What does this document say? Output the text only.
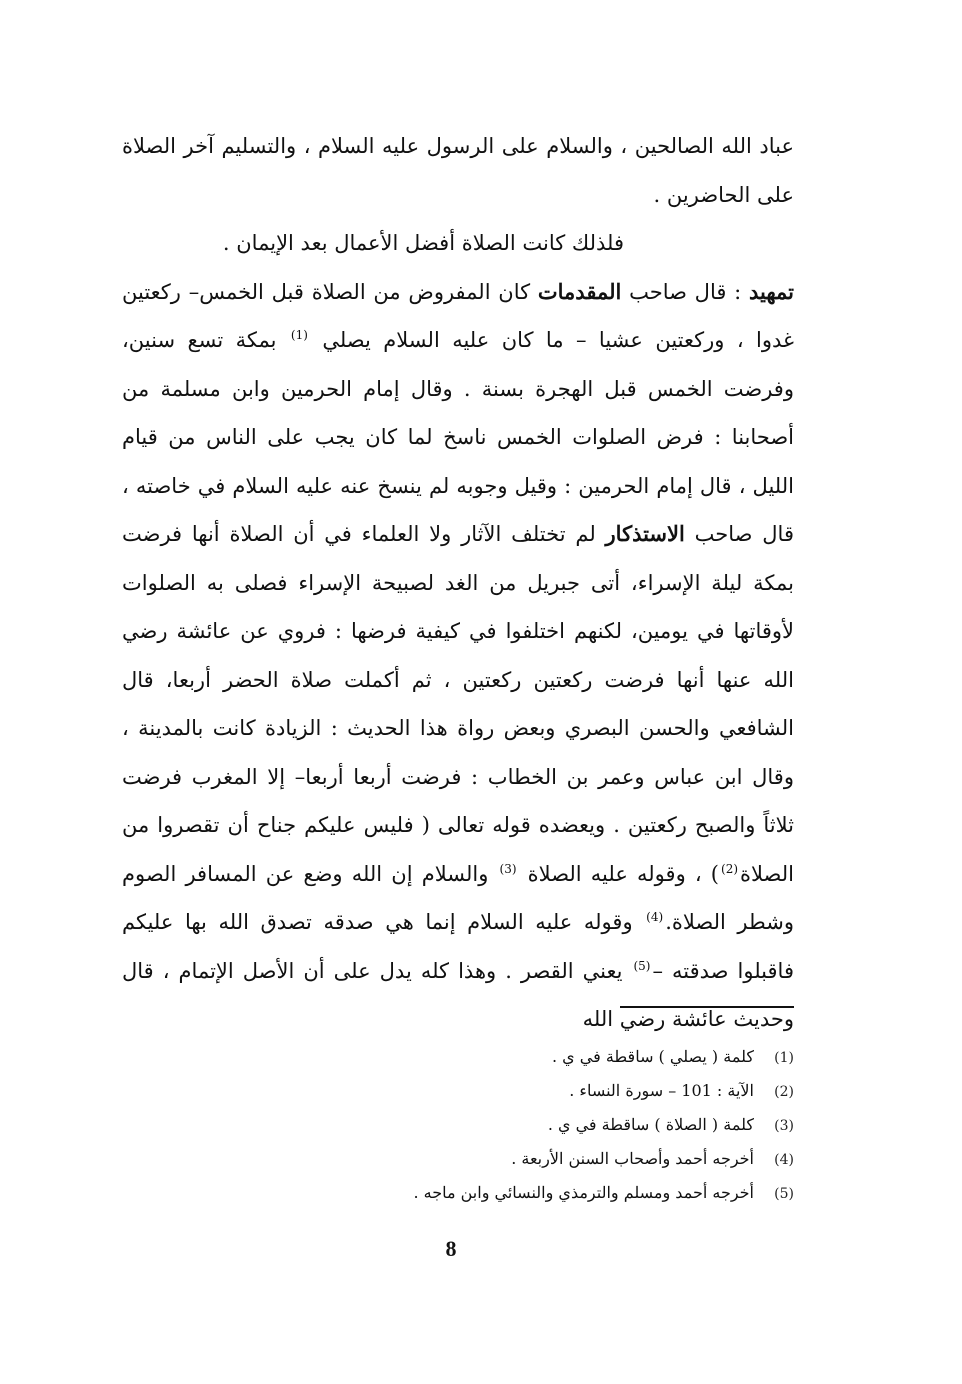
عباد الله الصالحين ، والسلام على الرسول عليه السلام ، والتسليم آخر الصلاة على الحاضرين .

فلذلك كانت الصلاة أفضل الأعمال بعد الإيمان .

تمهيد : قال صاحب المقدمات كان المفروض من الصلاة قبل الخمس– ركعتين غدوا ، وركعتين عشيا – ما كان عليه السلام يصلي $^{(1)}$ بمكة تسع سنين، وفرضت الخمس قبل الهجرة بسنة . وقال إمام الحرمين وابن مسلمة من أصحابنا : فرض الصلوات الخمس ناسخ لما كان يجب على الناس من قيام الليل ، قال إمام الحرمين : وقيل وجوبه لم ينسخ عنه عليه السلام في خاصته ، قال صاحب الاستذكار لم تختلف الآثار ولا العلماء في أن الصلاة أنها فرضت بمكة ليلة الإسراء، أتى جبريل من الغد لصبيحة الإسراء فصلى به الصلوات لأوقاتها في يومين، لكنهم اختلفوا في كيفية فرضها : فروي عن عائشة رضي الله عنها أنها فرضت ركعتين ركعتين ، ثم أكملت صلاة الحضر أربعا، قال الشافعي والحسن البصري وبعض رواة هذا الحديث : الزيادة كانت بالمدينة ، وقال ابن عباس وعمر بن الخطاب : فرضت أربعا أربعا– إلا المغرب فرضت ثلاثاً والصبح ركعتين . ويعضده قوله تعالى ( فليس عليكم جناح أن تقصروا من الصلاة$^{(2)}$) ، وقوله عليه الصلاة $^{(3)}$ والسلام إن الله وضع عن المسافر الصوم وشطر الصلاة.$^{(4)}$ وقوله عليه السلام إنما هي صدقه تصدق الله بها عليكم فاقبلوا صدقته –$^{(5)}$ يعني القصر . وهذا كله يدل على أن الأصل الإتمام ، قال وحديث عائشة رضي الله

(1)
كلمة ( يصلي ) ساقطة في ي .
(2)
الآية : 101 – سورة النساء .
(3)
كلمة ( الصلاة ) ساقطة في ي .
(4)
أخرجه أحمد وأصحاب السنن الأربعة .
(5)
أخرجه أحمد ومسلم والترمذي والنسائي وابن ماجه .
8
